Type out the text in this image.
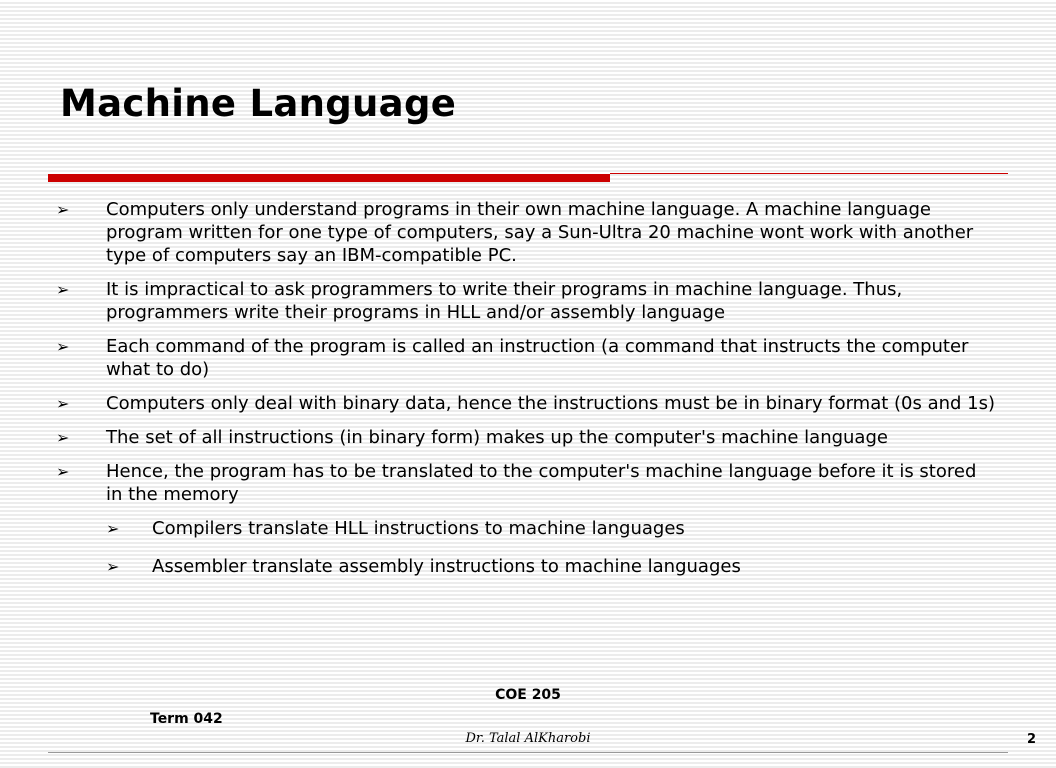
Machine Language
➢ Computers only understand programs in their own machine language. A machine language program written for one type of computers, say a Sun-Ultra 20 machine wont work with another type of computers say an IBM-compatible PC.
➢ It is impractical to ask programmers to write their programs in machine language. Thus, programmers write their programs in HLL and/or assembly language
➢ Each command of the program is called an instruction (a command that instructs the computer what to do)
➢ Computers only deal with binary data, hence the instructions must be in binary format (0s and 1s)
➢ The set of all instructions (in binary form) makes up the computer's machine language
➢ Hence, the program has to be translated to the computer's machine language before it is stored in the memory
➢ Compilers translate HLL instructions to machine languages
➢ Assembler translate assembly instructions to machine languages
COE 205
Term 042
Dr. Talal AlKharobi	2
